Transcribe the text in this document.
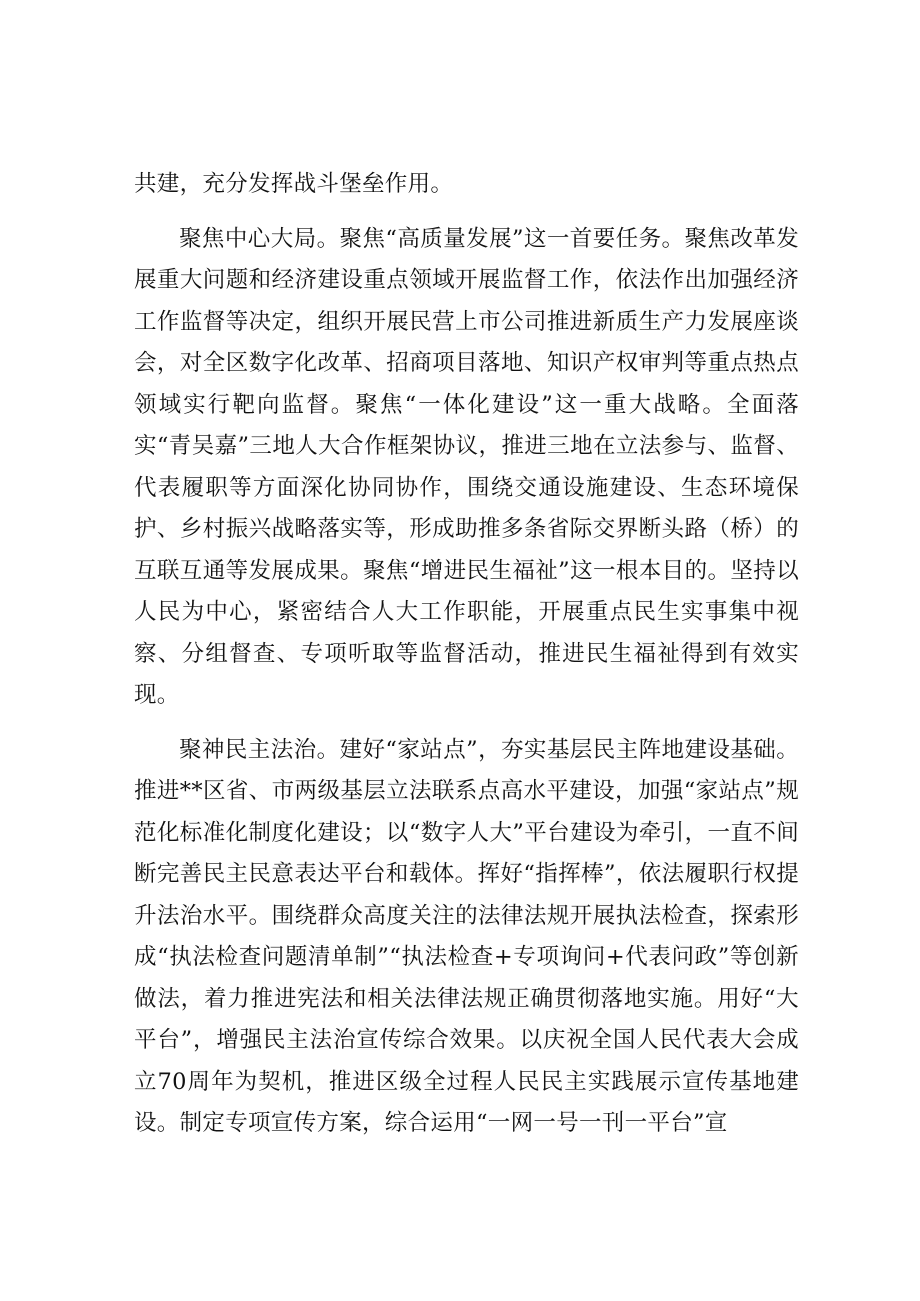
共建，充分发挥战斗堡垒作用。

聚焦中心大局。聚焦“高质量发展”这一首要任务。聚焦改革发展重大问题和经济建设重点领域开展监督工作，依法作出加强经济工作监督等决定，组织开展民营上市公司推进新质生产力发展座谈会，对全区数字化改革、招商项目落地、知识产权审判等重点热点领域实行靶向监督。聚焦“一体化建设”这一重大战略。全面落实“青吴嘉”三地人大合作框架协议，推进三地在立法参与、监督、代表履职等方面深化协同协作，围绕交通设施建设、生态环境保护、乡村振兴战略落实等，形成助推多条省际交界断头路（桥）的互联互通等发展成果。聚焦“增进民生福祉”这一根本目的。坚持以人民为中心，紧密结合人大工作职能，开展重点民生实事集中视察、分组督查、专项听取等监督活动，推进民生福祉得到有效实现。

聚神民主法治。建好“家站点”，夯实基层民主阵地建设基础。推进**区省、市两级基层立法联系点高水平建设，加强“家站点”规范化标准化制度化建设；以“数字人大”平台建设为牵引，一直不间断完善民主民意表达平台和载体。挥好“指挥棒”，依法履职行权提升法治水平。围绕群众高度关注的法律法规开展执法检查，探索形成“执法检查问题清单制”“执法检查+专项询问+代表问政”等创新做法，着力推进宪法和相关法律法规正确贯彻落地实施。用好“大平台”，增强民主法治宣传综合效果。以庆祝全国人民代表大会成立70周年为契机，推进区级全过程人民民主实践展示宣传基地建设。制定专项宣传方案，综合运用“一网一号一刊一平台”宣
